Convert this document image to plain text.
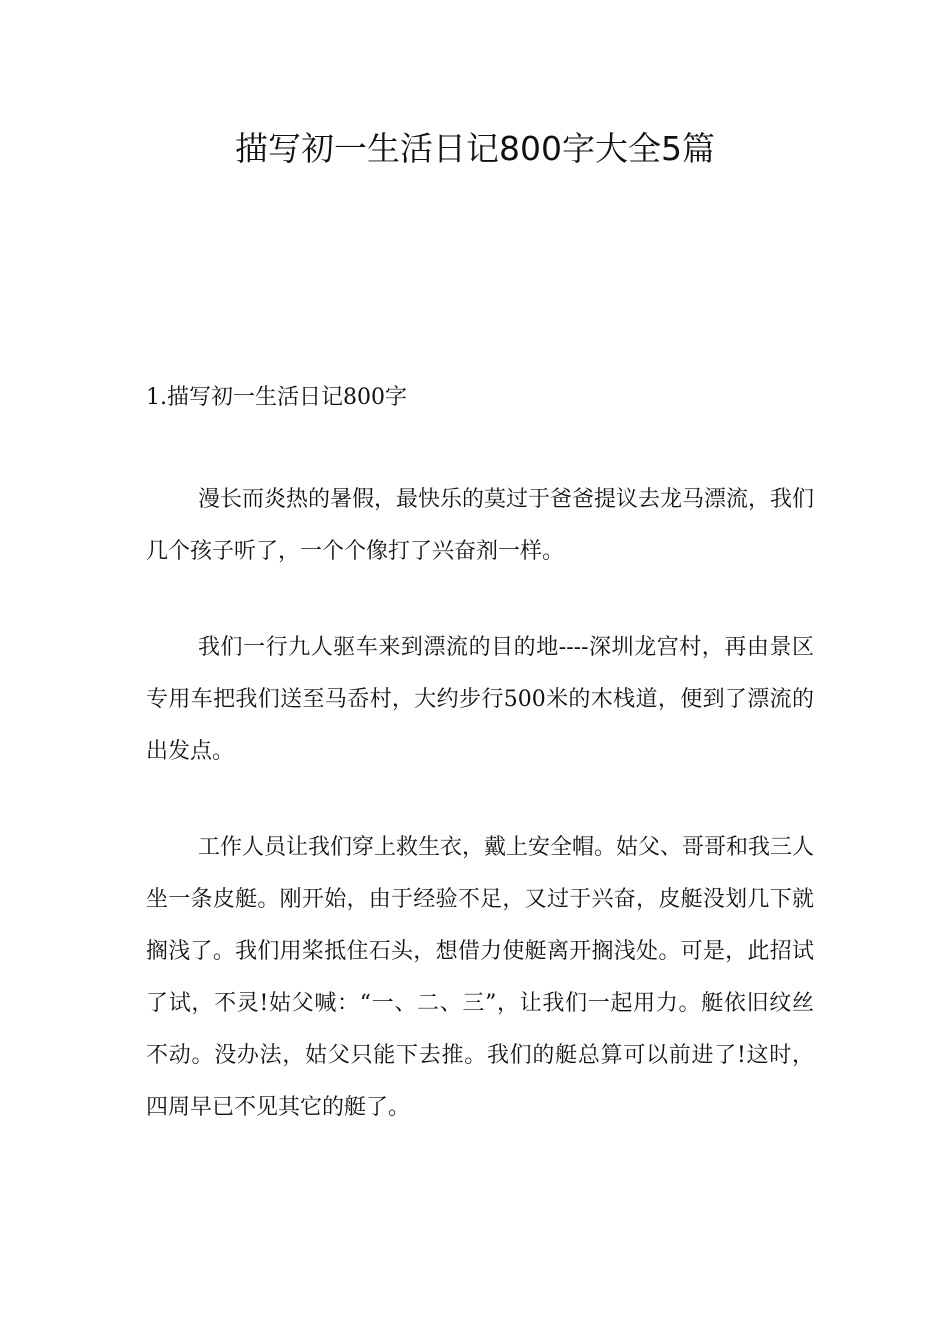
描写初一生活日记800字大全5篇
1.描写初一生活日记800字

漫长而炎热的暑假，最快乐的莫过于爸爸提议去龙马漂流，我们几个孩子听了，一个个像打了兴奋剂一样。

我们一行九人驱车来到漂流的目的地----深圳龙宫村，再由景区专用车把我们送至马岙村，大约步行500米的木栈道，便到了漂流的出发点。

工作人员让我们穿上救生衣，戴上安全帽。姑父、哥哥和我三人坐一条皮艇。刚开始，由于经验不足，又过于兴奋，皮艇没划几下就搁浅了。我们用桨抵住石头，想借力使艇离开搁浅处。可是，此招试了试，不灵!姑父喊：“一、二、三”，让我们一起用力。艇依旧纹丝不动。没办法，姑父只能下去推。我们的艇总算可以前进了!这时，四周早已不见其它的艇了。
